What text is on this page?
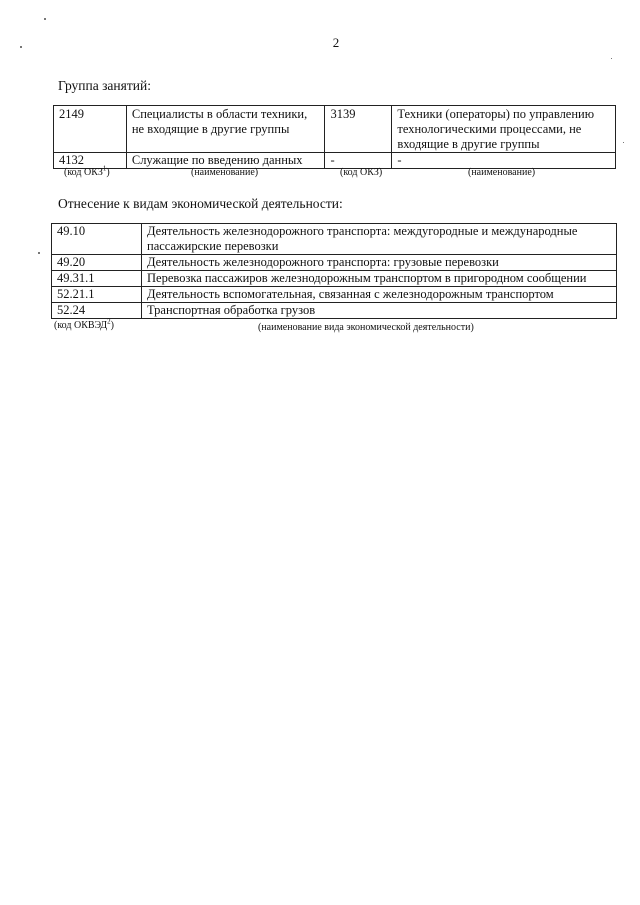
2
Группа занятий:
2149	Специалисты в области техники, не входящие в другие группы	3139	Техники (операторы) по управлению технологическими процессами, не входящие в другие группы
4132	Служащие по введению данных	-	-
(код ОКЗ$^1$)	(наименование)	(код ОКЗ)	(наименование)
Отнесение к видам экономической деятельности:
49.10	Деятельность железнодорожного транспорта: междугородные и международные пассажирские перевозки
49.20	Деятельность железнодорожного транспорта: грузовые перевозки
49.31.1	Перевозка пассажиров железнодорожным транспортом в пригородном сообщении
52.21.1	Деятельность вспомогательная, связанная с железнодорожным транспортом
52.24	Транспортная обработка грузов
(код ОКВЭД$^2$)	(наименование вида экономической деятельности)
